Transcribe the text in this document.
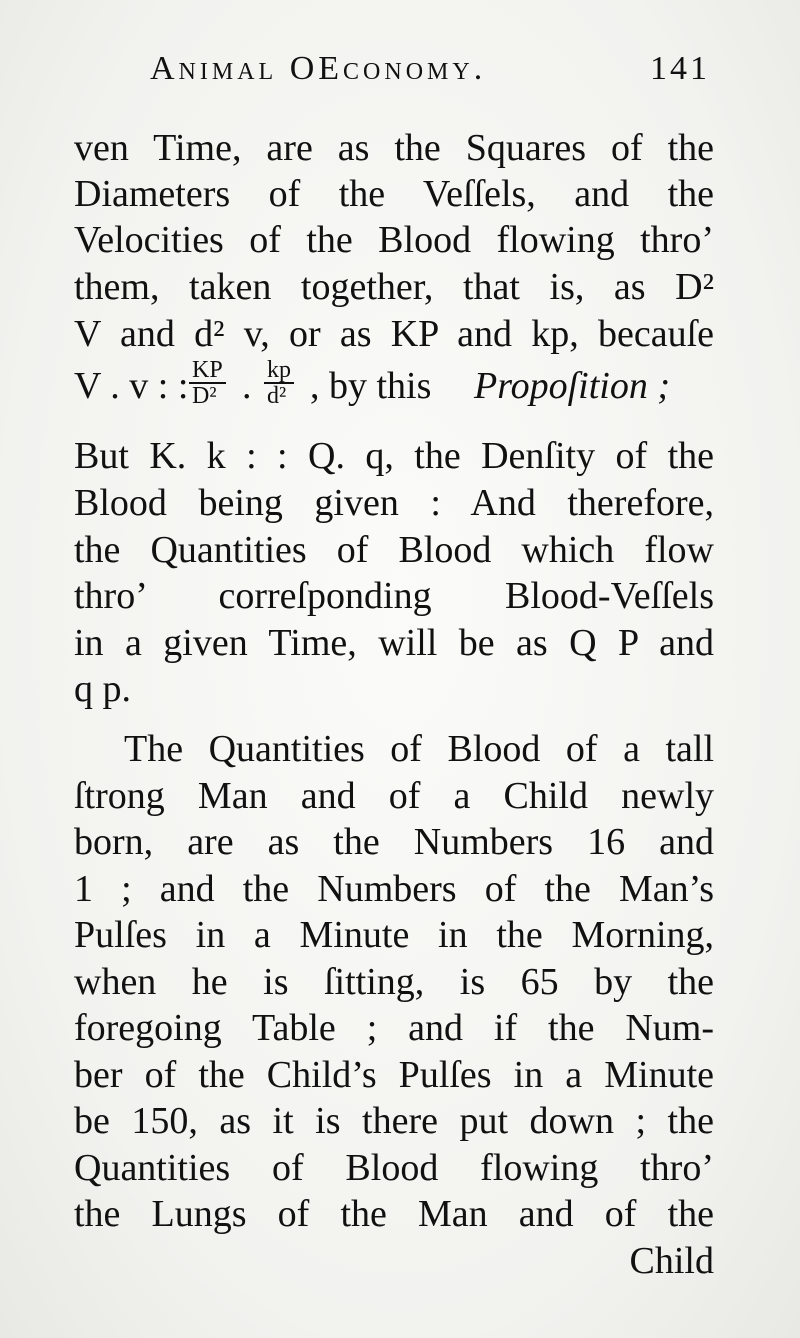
Animal OEconomy.	141
ven Time, are as the Squares of the
Diameters of the Veſſels, and the
Velocities of the Blood flowing thro’
them, taken together, that is, as D²
V and d² v, or as KP and kp, becauſe
V . v : : $\frac{KP}{\text{D²}}$ . $\frac{kp}{\text{d²}}$ , by this Propoſition ;
But K. k : : Q. q, the Denſity of the
Blood being given : And therefore,
the Quantities of Blood which flow
thro’ correſponding Blood-Veſſels
in a given Time, will be as Q P and
q p.
The Quantities of Blood of a tall
ſtrong Man and of a Child newly
born, are as the Numbers 16 and
1 ; and the Numbers of the Man’s
Pulſes in a Minute in the Morning,
when he is ſitting, is 65 by the
foregoing Table ; and if the Num-
ber of the Child’s Pulſes in a Minute
be 150, as it is there put down ; the
Quantities of Blood flowing thro’
the Lungs of the Man and of the
Child
